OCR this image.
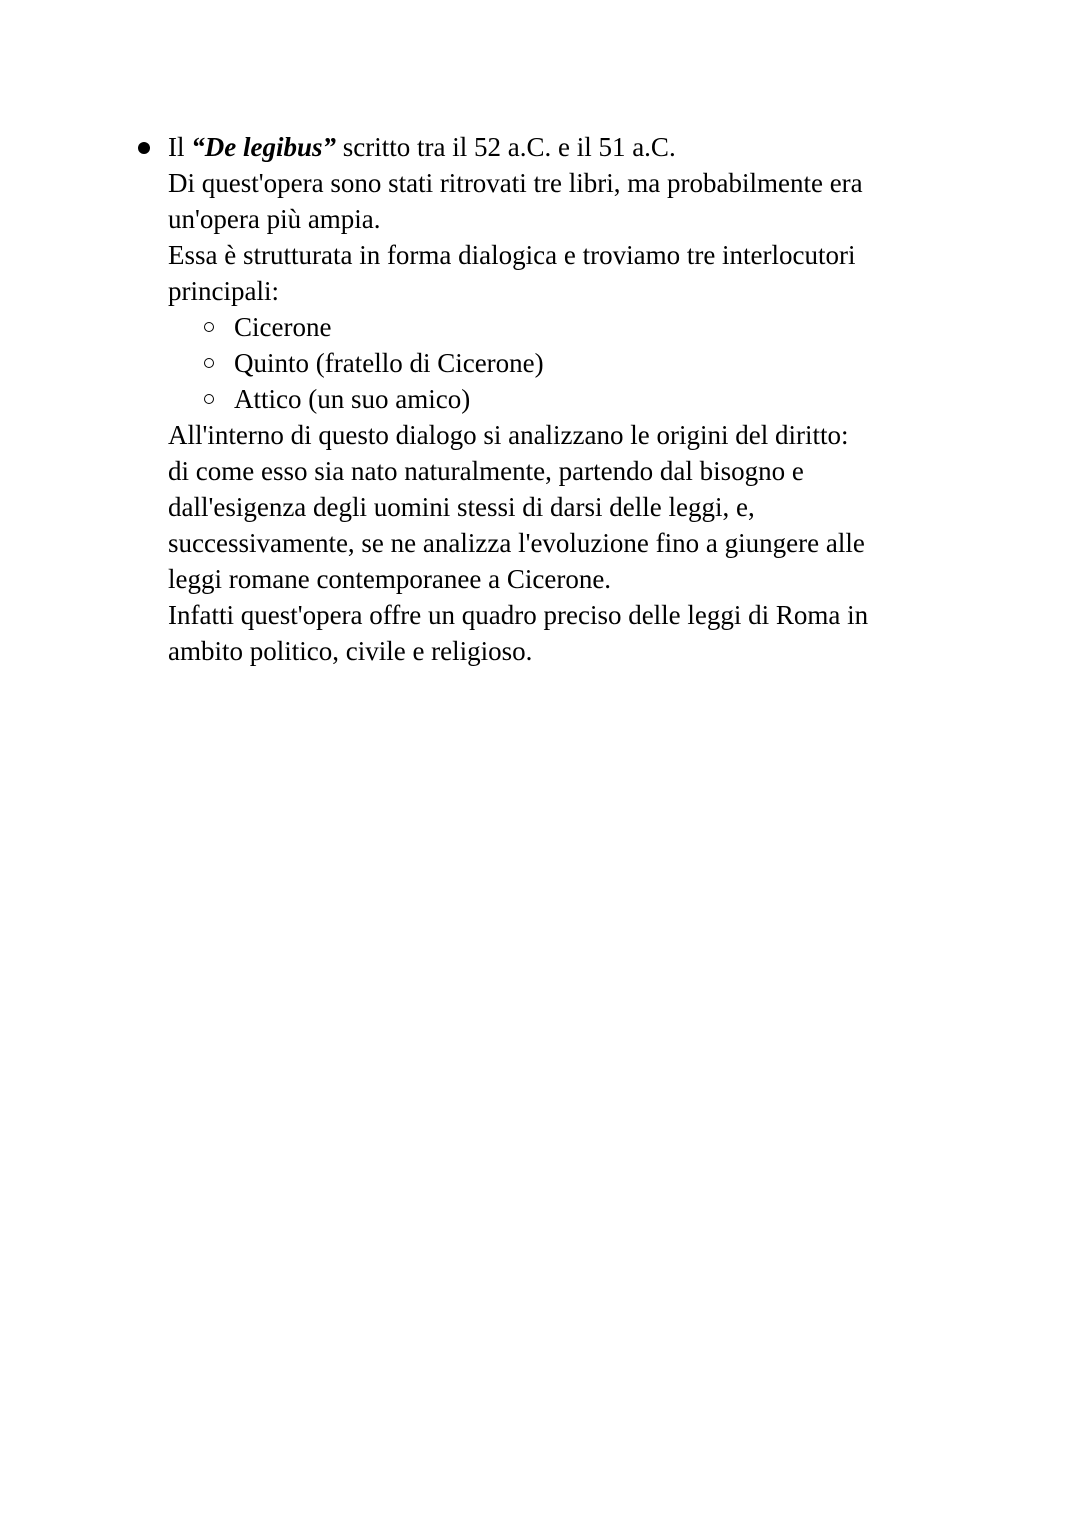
Il “De legibus” scritto tra il 52 a.C. e il 51 a.C.
Di quest'opera sono stati ritrovati tre libri, ma probabilmente era
un'opera più ampia.
Essa è strutturata in forma dialogica e troviamo tre interlocutori
principali:
Cicerone
Quinto (fratello di Cicerone)
Attico (un suo amico)
All'interno di questo dialogo si analizzano le origini del diritto:
di come esso sia nato naturalmente, partendo dal bisogno e
dall'esigenza degli uomini stessi di darsi delle leggi, e,
successivamente, se ne analizza l'evoluzione fino a giungere alle
leggi romane contemporanee a Cicerone.
Infatti quest'opera offre un quadro preciso delle leggi di Roma in
ambito politico, civile e religioso.
